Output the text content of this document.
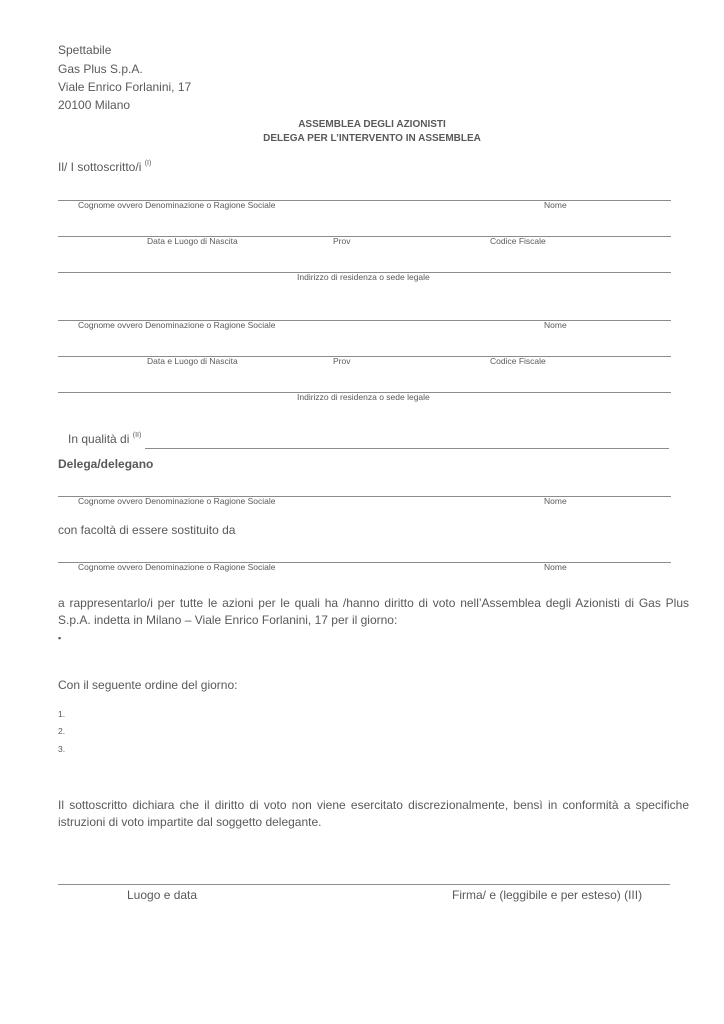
Spettabile
Gas Plus S.p.A.
Viale Enrico Forlanini, 17
20100 Milano
ASSEMBLEA DEGLI AZIONISTI
DELEGA PER L’INTERVENTO IN ASSEMBLEA
Il/ I sottoscritto/i $^{(I)}$
Cognome ovvero Denominazione o Ragione Sociale	Nome
Data e Luogo di Nascita	Prov	Codice Fiscale
Indirizzo di residenza o sede legale
Cognome ovvero Denominazione o Ragione Sociale	Nome
Data e Luogo di Nascita	Prov	Codice Fiscale
Indirizzo di residenza o sede legale
In qualità di $^{(II)}$
Delega/delegano
Cognome ovvero Denominazione o Ragione Sociale	Nome
con facoltà di essere sostituito da
Cognome ovvero Denominazione o Ragione Sociale	Nome
a rappresentarlo/i per tutte le azioni per le quali ha /hanno diritto di voto nell’Assemblea degli Azionisti di Gas Plus S.p.A. indetta in Milano – Viale Enrico Forlanini, 17 per il giorno:
▪
Con il seguente ordine del giorno:
1.
2.
3.
Il sottoscritto dichiara che il diritto di voto non viene esercitato discrezionalmente, bensì in conformità a specifiche istruzioni di voto impartite dal soggetto delegante.
Luogo e data	Firma/ e (leggibile e per esteso) (III)
